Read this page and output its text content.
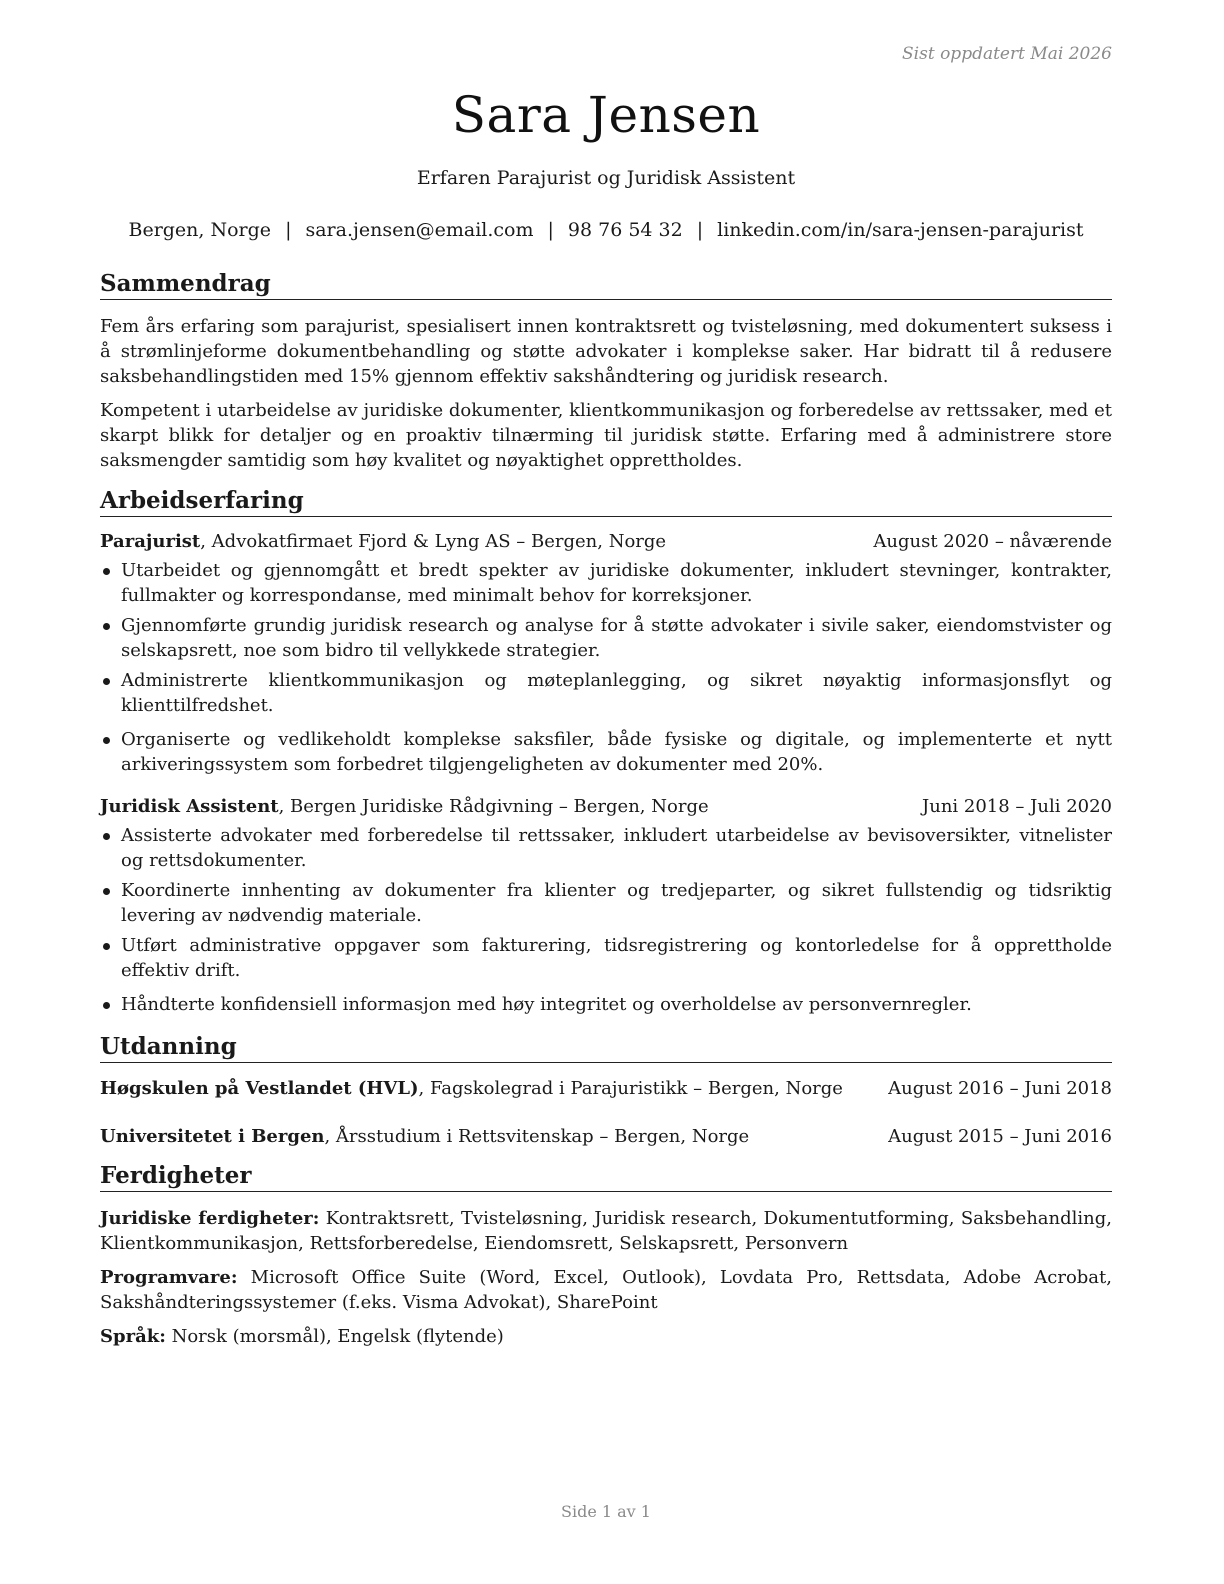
Sist oppdatert Mai 2026
Sara Jensen
Erfaren Parajurist og Juridisk Assistent
Bergen, Norge | sara.jensen@email.com | 98 76 54 32 | linkedin.com/in/sara-jensen-parajurist
Sammendrag

Fem års erfaring som parajurist, spesialisert innen kontraktsrett og tvisteløsning, med dokumentert suksess i å strømlinjeforme dokumentbehandling og støtte advokater i komplekse saker. Har bidratt til å redusere saksbehandlingstiden med 15% gjennom effektiv sakshåndtering og juridisk research.

Kompetent i utarbeidelse av juridiske dokumenter, klientkommunikasjon og forberedelse av rettssaker, med et skarpt blikk for detaljer og en proaktiv tilnærming til juridisk støtte. Erfaring med å administrere store saksmengder samtidig som høy kvalitet og nøyaktighet opprettholdes.

Arbeidserfaring
Parajurist, Advokatfirmaet Fjord & Lyng AS – Bergen, Norge	August 2020 – nåværende
Utarbeidet og gjennomgått et bredt spekter av juridiske dokumenter, inkludert stevninger, kontrakter, fullmakter og korrespondanse, med minimalt behov for korreksjoner.
Gjennomførte grundig juridisk research og analyse for å støtte advokater i sivile saker, eiendomstvister og selskapsrett, noe som bidro til vellykkede strategier.
Administrerte klientkommunikasjon og møteplanlegging, og sikret nøyaktig informasjonsflyt og klienttilfredshet.
Organiserte og vedlikeholdt komplekse saksfiler, både fysiske og digitale, og implementerte et nytt arkiveringssystem som forbedret tilgjengeligheten av dokumenter med 20%.
Juridisk Assistent, Bergen Juridiske Rådgivning – Bergen, Norge	Juni 2018 – Juli 2020
Assisterte advokater med forberedelse til rettssaker, inkludert utarbeidelse av bevisoversikter, vitnelister og rettsdokumenter.
Koordinerte innhenting av dokumenter fra klienter og tredjeparter, og sikret fullstendig og tidsriktig levering av nødvendig materiale.
Utført administrative oppgaver som fakturering, tidsregistrering og kontorledelse for å opprettholde effektiv drift.
Håndterte konfidensiell informasjon med høy integritet og overholdelse av personvernregler.
Utdanning
Høgskulen på Vestlandet (HVL), Fagskolegrad i Parajuristikk – Bergen, Norge	August 2016 – Juni 2018
Universitetet i Bergen, Årsstudium i Rettsvitenskap – Bergen, Norge	August 2015 – Juni 2016
Ferdigheter
Juridiske ferdigheter: Kontraktsrett, Tvisteløsning, Juridisk research, Dokumentutforming, Saksbehandling, Klientkommunikasjon, Rettsforberedelse, Eiendomsrett, Selskapsrett, Personvern
Programvare: Microsoft Office Suite (Word, Excel, Outlook), Lovdata Pro, Rettsdata, Adobe Acrobat, Sakshåndteringssystemer (f.eks. Visma Advokat), SharePoint
Språk: Norsk (morsmål), Engelsk (flytende)
Side 1 av 1
